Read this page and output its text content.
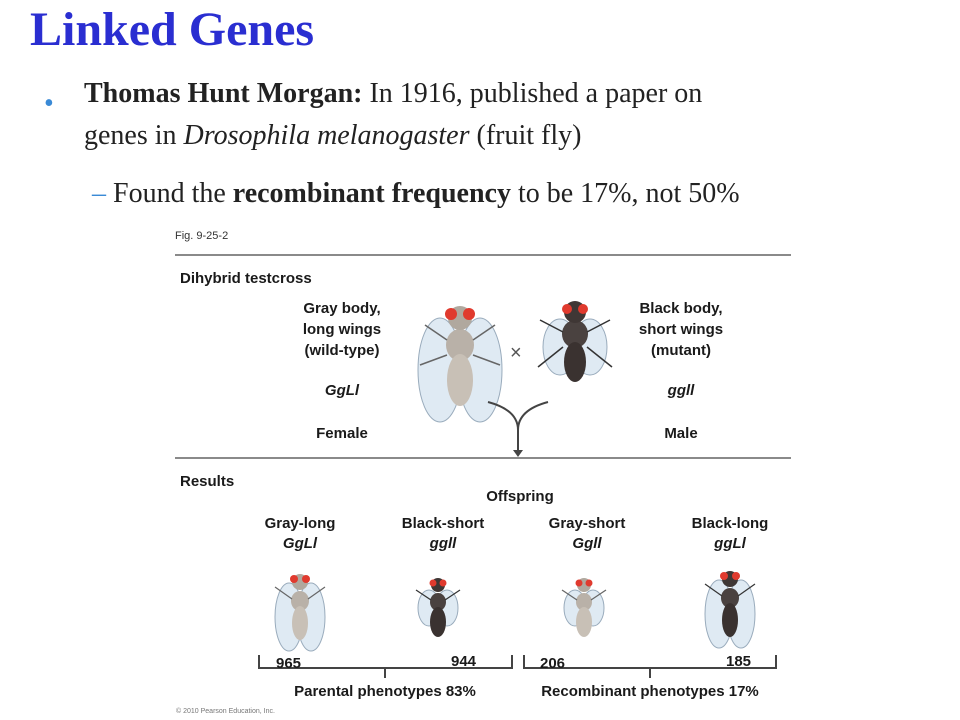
Linked Genes
• Thomas Hunt Morgan: In 1916, published a paper on
genes in Drosophila melanogaster (fruit fly)
– Found the recombinant frequency to be 17%, not 50%
Fig. 9-25-2
Dihybrid testcross
Gray body,
long wings
(wild-type)
GgLl
Female
Black body,
short wings
(mutant)
ggll
Male
×
Results
Offspring
Gray-long
GgLl
Black-short
ggll
Gray-short
Ggll
Black-long
ggLl
965	944	206	185
Parental phenotypes 83%	Recombinant phenotypes 17%
© 2010 Pearson Education, Inc.
